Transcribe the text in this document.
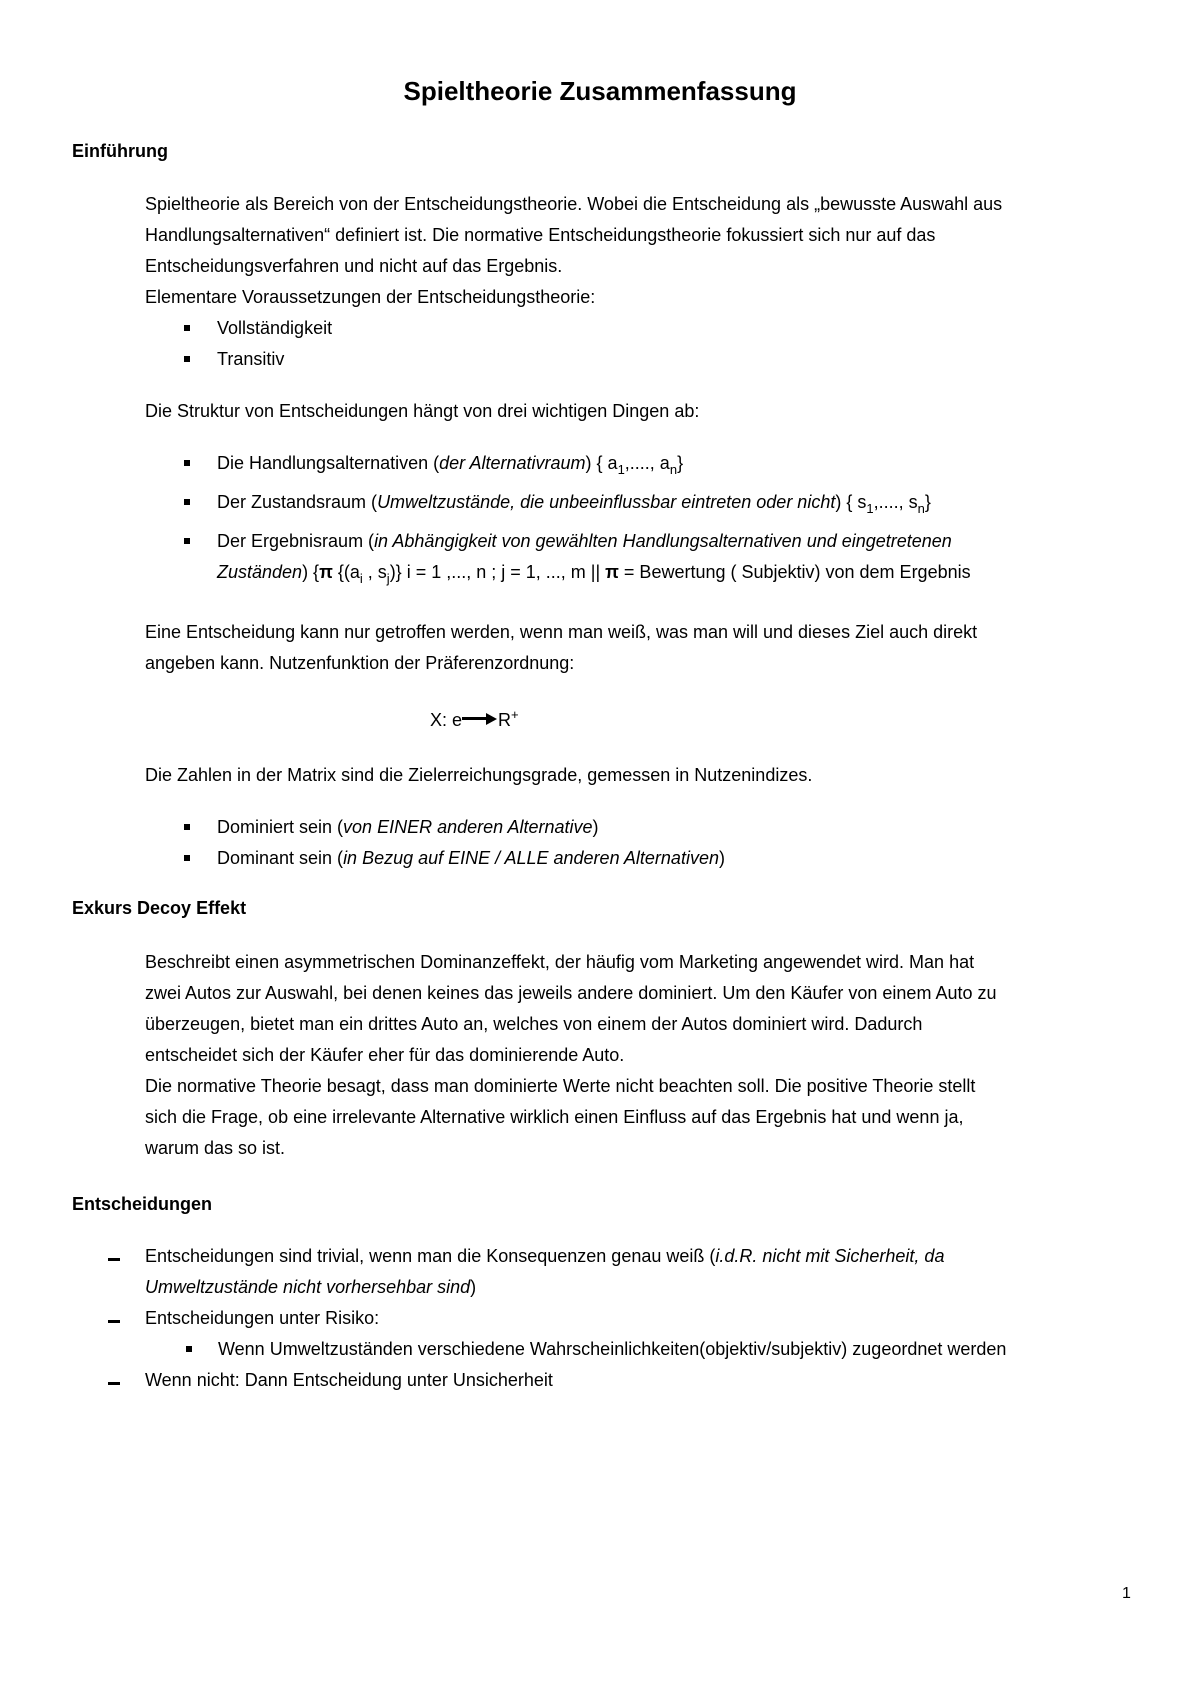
Spieltheorie Zusammenfassung
Einführung
Spieltheorie als Bereich von der Entscheidungstheorie. Wobei die Entscheidung als „bewusste Auswahl aus
Handlungsalternativen“ definiert ist. Die normative Entscheidungstheorie fokussiert sich nur auf das
Entscheidungsverfahren und nicht auf das Ergebnis.
Elementare Voraussetzungen der Entscheidungstheorie:
Vollständigkeit
Transitiv
Die Struktur von Entscheidungen hängt von drei wichtigen Dingen ab:
Die Handlungsalternativen (der Alternativraum) { $a_1$,...., $a_n$}
Der Zustandsraum (Umweltzustände, die unbeeinflussbar eintreten oder nicht) { $s_1$,...., $s_n$}
Der Ergebnisraum (in Abhängigkeit von gewählten Handlungsalternativen und eingetretenen
Zuständen) {π {($a_i$ , $s_j$)} i = 1 ,..., n ; j = 1, ..., m || π = Bewertung ( Subjektiv) von dem Ergebnis
Eine Entscheidung kann nur getroffen werden, wenn man weiß, was man will und dieses Ziel auch direkt
angeben kann. Nutzenfunktion der Präferenzordnung:
X: e R+
Die Zahlen in der Matrix sind die Zielerreichungsgrade, gemessen in Nutzenindizes.
Dominiert sein (von EINER anderen Alternative)
Dominant sein (in Bezug auf EINE / ALLE anderen Alternativen)
Exkurs Decoy Effekt
Beschreibt einen asymmetrischen Dominanzeffekt, der häufig vom Marketing angewendet wird. Man hat
zwei Autos zur Auswahl, bei denen keines das jeweils andere dominiert. Um den Käufer von einem Auto zu
überzeugen, bietet man ein drittes Auto an, welches von einem der Autos dominiert wird. Dadurch
entscheidet sich der Käufer eher für das dominierende Auto.
Die normative Theorie besagt, dass man dominierte Werte nicht beachten soll. Die positive Theorie stellt
sich die Frage, ob eine irrelevante Alternative wirklich einen Einfluss auf das Ergebnis hat und wenn ja,
warum das so ist.
Entscheidungen
Entscheidungen sind trivial, wenn man die Konsequenzen genau weiß (i.d.R. nicht mit Sicherheit, da
Umweltzustände nicht vorhersehbar sind)
Entscheidungen unter Risiko:
Wenn Umweltzuständen verschiedene Wahrscheinlichkeiten(objektiv/subjektiv) zugeordnet werden
Wenn nicht: Dann Entscheidung unter Unsicherheit
1
